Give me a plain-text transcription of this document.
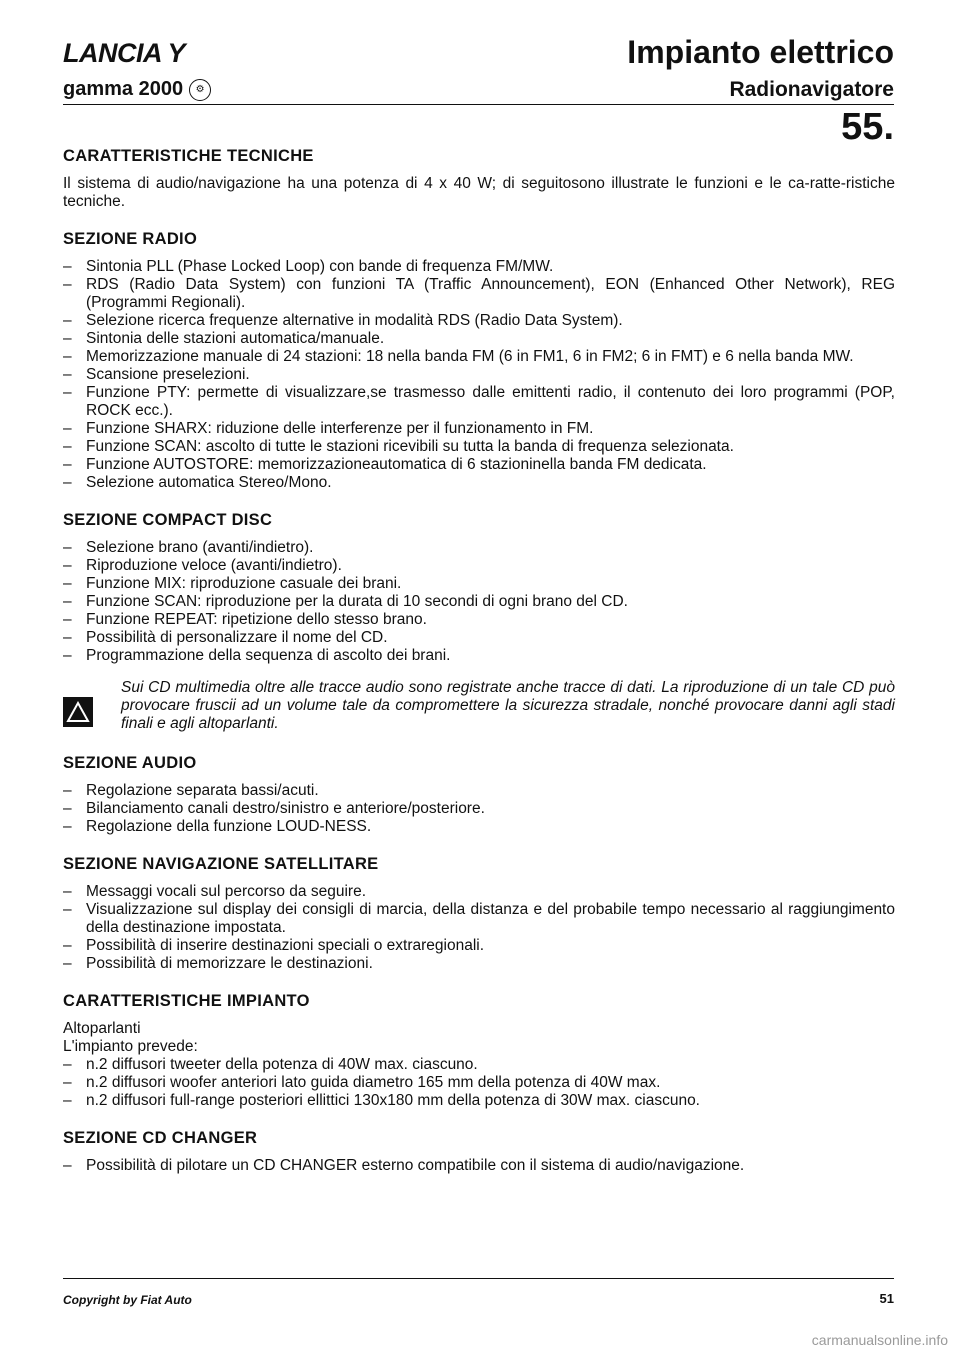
LANCIA Y
gamma 2000	⚙
Impianto elettrico
Radionavigatore
55.
CARATTERISTICHE TECNICHE

Il sistema di audio/navigazione ha una potenza di 4 x 40 W; di seguitosono illustrate le funzioni e le ca-ratte-ristiche tecniche.

SEZIONE RADIO
– Sintonia PLL (Phase Locked Loop) con bande di frequenza FM/MW.
– RDS (Radio Data System) con funzioni TA (Traffic Announcement), EON (Enhanced Other Network), REG (Programmi Regionali).
– Selezione ricerca frequenze alternative in modalità RDS (Radio Data System).
– Sintonia delle stazioni automatica/manuale.
– Memorizzazione manuale di 24 stazioni: 18 nella banda FM (6 in FM1, 6 in FM2; 6 in FMT) e 6 nella banda MW.
– Scansione preselezioni.
– Funzione PTY: permette di visualizzare,se trasmesso dalle emittenti radio, il contenuto dei loro programmi (POP, ROCK ecc.).
– Funzione SHARX: riduzione delle interferenze per il funzionamento in FM.
– Funzione SCAN: ascolto di tutte le stazioni ricevibili su tutta la banda di frequenza selezionata.
– Funzione AUTOSTORE: memorizzazioneautomatica di 6 stazioninella banda FM dedicata.
– Selezione automatica Stereo/Mono.
SEZIONE COMPACT DISC
– Selezione brano (avanti/indietro).
– Riproduzione veloce (avanti/indietro).
– Funzione MIX: riproduzione casuale dei brani.
– Funzione SCAN: riproduzione per la durata di 10 secondi di ogni brano del CD.
– Funzione REPEAT: ripetizione dello stesso brano.
– Possibilità di personalizzare il nome del CD.
– Programmazione della sequenza di ascolto dei brani.

Sui CD multimedia oltre alle tracce audio sono registrate anche tracce di dati. La riproduzione di un tale CD può provocare fruscii ad un volume tale da compromettere la sicurezza stradale, nonché provocare danni agli stadi finali e agli altoparlanti.

SEZIONE AUDIO
– Regolazione separata bassi/acuti.
– Bilanciamento canali destro/sinistro e anteriore/posteriore.
– Regolazione della funzione LOUD-NESS.
SEZIONE NAVIGAZIONE SATELLITARE
– Messaggi vocali sul percorso da seguire.
– Visualizzazione sul display dei consigli di marcia, della distanza e del probabile tempo necessario al raggiungimento della destinazione impostata.
– Possibilità di inserire destinazioni speciali o extraregionali.
– Possibilità di memorizzare le destinazioni.
CARATTERISTICHE IMPIANTO

Altoparlanti

L'impianto prevede:

– n.2 diffusori tweeter della potenza di 40W max. ciascuno.
– n.2 diffusori woofer anteriori lato guida diametro 165 mm della potenza di 40W max.
– n.2 diffusori full-range posteriori ellittici 130x180 mm della potenza di 30W max. ciascuno.
SEZIONE CD CHANGER
– Possibilità di pilotare un CD CHANGER esterno compatibile con il sistema di audio/navigazione.
Copyright by Fiat Auto	51
carmanualsonline.info
